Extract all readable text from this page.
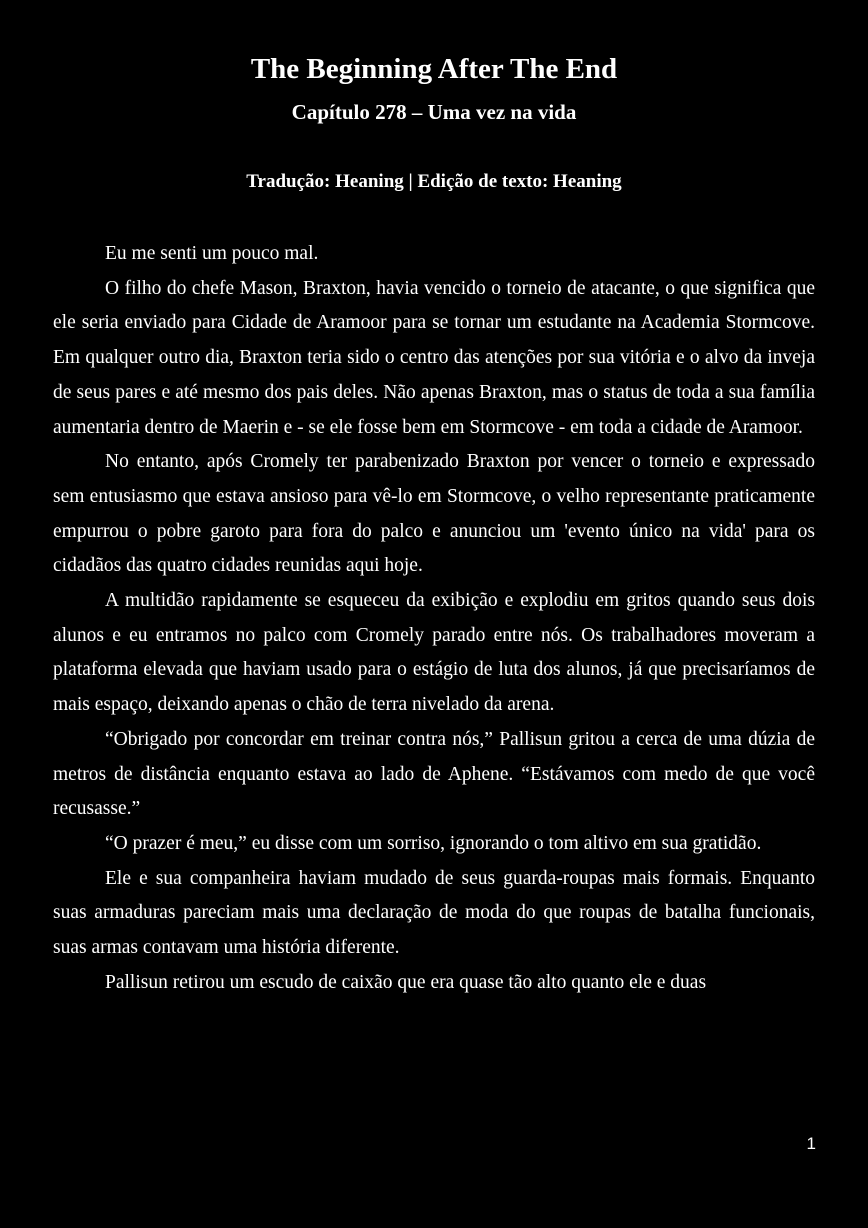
The Beginning After The End
Capítulo 278 – Uma vez na vida

Tradução: Heaning | Edição de texto: Heaning

Eu me senti um pouco mal.

O filho do chefe Mason, Braxton, havia vencido o torneio de atacante, o que significa que ele seria enviado para Cidade de Aramoor para se tornar um estudante na Academia Stormcove. Em qualquer outro dia, Braxton teria sido o centro das atenções por sua vitória e o alvo da inveja de seus pares e até mesmo dos pais deles. Não apenas Braxton, mas o status de toda a sua família aumentaria dentro de Maerin e - se ele fosse bem em Stormcove - em toda a cidade de Aramoor.

No entanto, após Cromely ter parabenizado Braxton por vencer o torneio e expressado sem entusiasmo que estava ansioso para vê-lo em Stormcove, o velho representante praticamente empurrou o pobre garoto para fora do palco e anunciou um 'evento único na vida' para os cidadãos das quatro cidades reunidas aqui hoje.

A multidão rapidamente se esqueceu da exibição e explodiu em gritos quando seus dois alunos e eu entramos no palco com Cromely parado entre nós. Os trabalhadores moveram a plataforma elevada que haviam usado para o estágio de luta dos alunos, já que precisaríamos de mais espaço, deixando apenas o chão de terra nivelado da arena.

“Obrigado por concordar em treinar contra nós,” Pallisun gritou a cerca de uma dúzia de metros de distância enquanto estava ao lado de Aphene. “Estávamos com medo de que você recusasse.”

“O prazer é meu,” eu disse com um sorriso, ignorando o tom altivo em sua gratidão.

Ele e sua companheira haviam mudado de seus guarda-roupas mais formais. Enquanto suas armaduras pareciam mais uma declaração de moda do que roupas de batalha funcionais, suas armas contavam uma história diferente.

Pallisun retirou um escudo de caixão que era quase tão alto quanto ele e duas

1
